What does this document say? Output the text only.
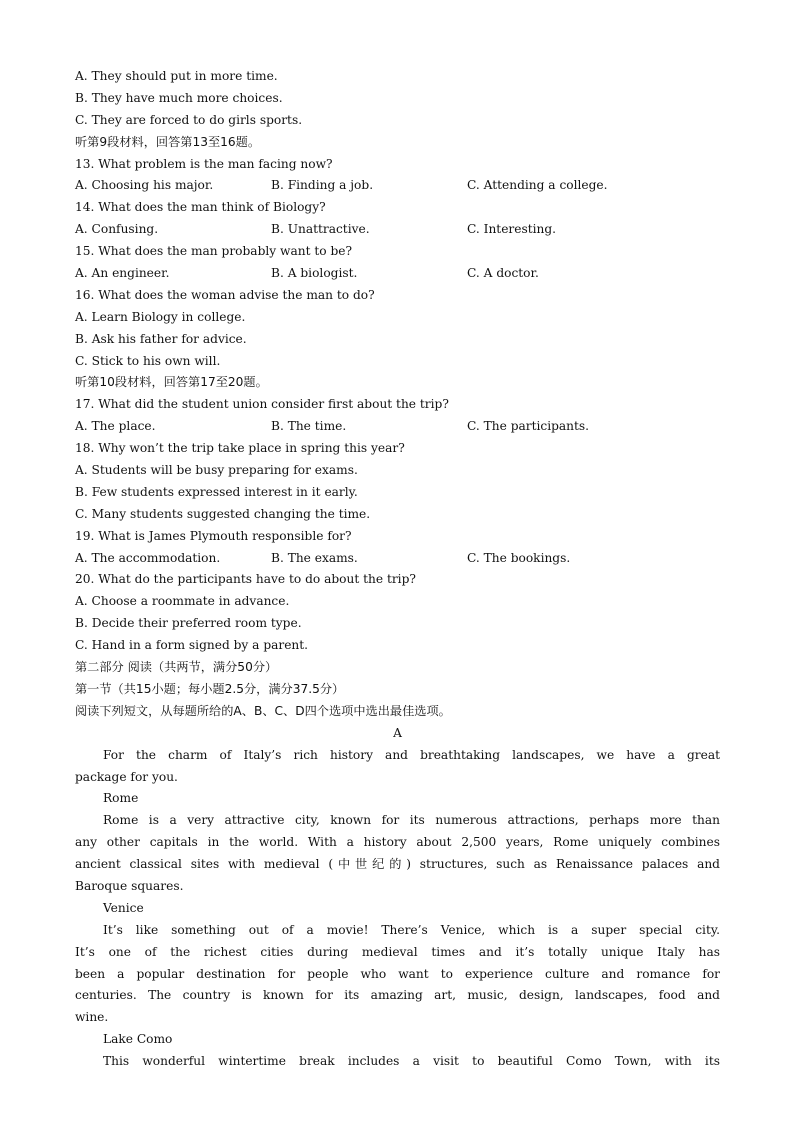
A. They should put in more time.
B. They have much more choices.
C. They are forced to do girls sports.
听第9段材料，回答第13至16题。
13. What problem is the man facing now?
A. Choosing his major.	B. Finding a job.	C. Attending a college.
14. What does the man think of Biology?
A. Confusing.	B. Unattractive.	C. Interesting.
15. What does the man probably want to be?
A. An engineer.	B. A biologist.	C. A doctor.
16. What does the woman advise the man to do?
A. Learn Biology in college.
B. Ask his father for advice.
C. Stick to his own will.
听第10段材料，回答第17至20题。
17. What did the student union consider first about the trip?
A. The place.	B. The time.	C. The participants.
18. Why won’t the trip take place in spring this year?
A. Students will be busy preparing for exams.
B. Few students expressed interest in it early.
C. Many students suggested changing the time.
19. What is James Plymouth responsible for?
A. The accommodation.	B. The exams.	C. The bookings.
20. What do the participants have to do about the trip?
A. Choose a roommate in advance.
B. Decide their preferred room type.
C. Hand in a form signed by a parent.
第二部分 阅读（共两节，满分50分）
第一节（共15小题；每小题2.5分，满分37.5分）
阅读下列短文，从每题所给的A、B、C、D四个选项中选出最佳选项。
A
For the charm of Italy’s rich history and breathtaking landscapes, we have a great
package for you.
Rome
Rome is a very attractive city, known for its numerous attractions, perhaps more than
any other capitals in the world. With a history about 2,500 years, Rome uniquely combines
ancient classical sites with medieval (中世纪的) structures, such as Renaissance palaces and
Baroque squares.
Venice
It’s like something out of a movie! There’s Venice, which is a super special city.
It’s one of the richest cities during medieval times and it’s totally unique Italy has
been a popular destination for people who want to experience culture and romance for
centuries. The country is known for its amazing art, music, design, landscapes, food and
wine.
Lake Como
This wonderful wintertime break includes a visit to beautiful Como Town, with its
